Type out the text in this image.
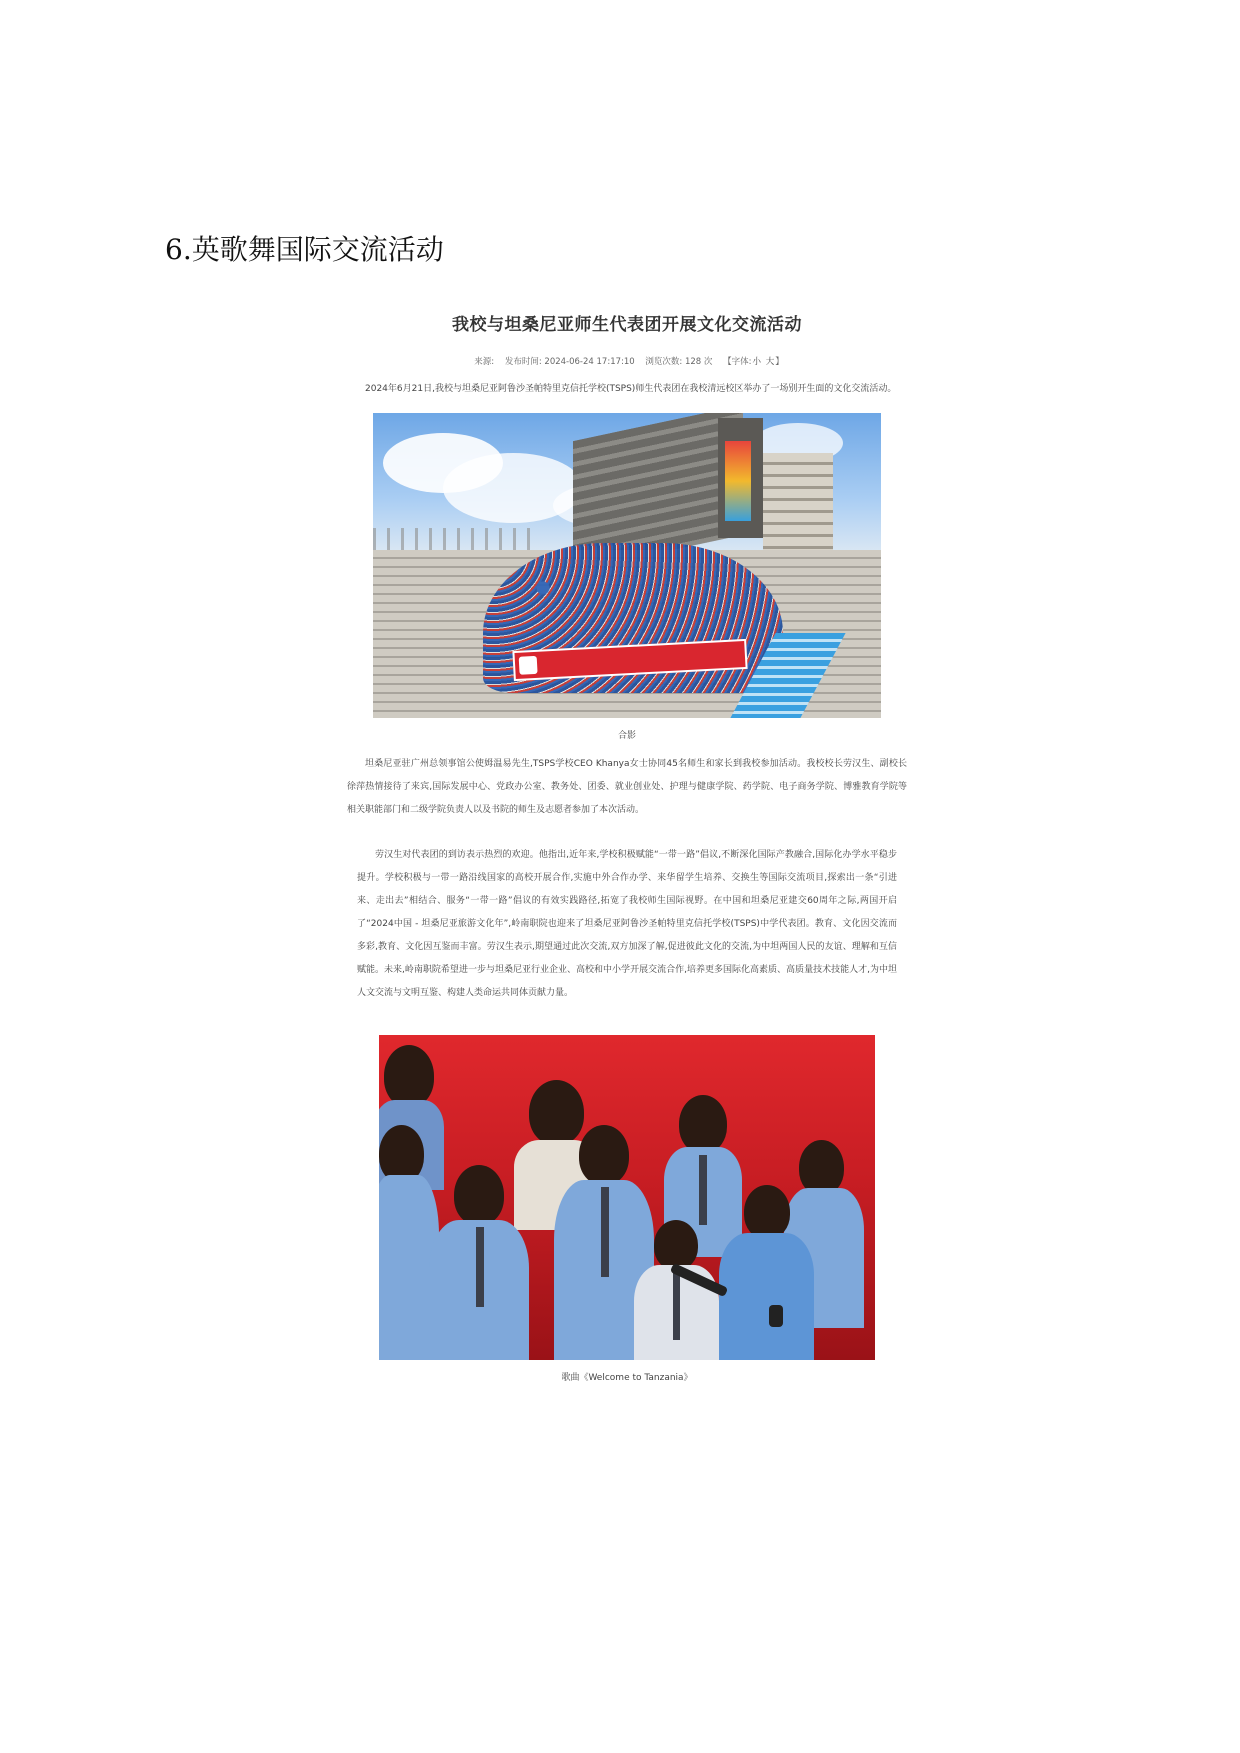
6.英歌舞国际交流活动
我校与坦桑尼亚师生代表团开展文化交流活动
来源: 发布时间: 2024-06-24 17:17:10 浏览次数: 128 次 【字体:小 大】

2024年6月21日,我校与坦桑尼亚阿鲁沙圣帕特里克信托学校(TSPS)师生代表团在我校清远校区举办了一场别开生面的文化交流活动。

合影

坦桑尼亚驻广州总领事馆公使姆温易先生,TSPS学校CEO Khanya女士协同45名师生和家长到我校参加活动。我校校长劳汉生、副校长徐萍热情接待了来宾,国际发展中心、党政办公室、教务处、团委、就业创业处、护理与健康学院、药学院、电子商务学院、博雅教育学院等相关职能部门和二级学院负责人以及书院的师生及志愿者参加了本次活动。

劳汉生对代表团的到访表示热烈的欢迎。他指出,近年来,学校积极赋能“一带一路”倡议,不断深化国际产教融合,国际化办学水平稳步提升。学校积极与一带一路沿线国家的高校开展合作,实施中外合作办学、来华留学生培养、交换生等国际交流项目,探索出一条“引进来、走出去”相结合、服务“一带一路”倡议的有效实践路径,拓宽了我校师生国际视野。在中国和坦桑尼亚建交60周年之际,两国开启了“2024中国 - 坦桑尼亚旅游文化年”,岭南职院也迎来了坦桑尼亚阿鲁沙圣帕特里克信托学校(TSPS)中学代表团。教育、文化因交流而多彩,教育、文化因互鉴而丰富。劳汉生表示,期望通过此次交流,双方加深了解,促进彼此文化的交流,为中坦两国人民的友谊、理解和互信赋能。未来,岭南职院希望进一步与坦桑尼亚行业企业、高校和中小学开展交流合作,培养更多国际化高素质、高质量技术技能人才,为中坦人文交流与文明互鉴、构建人类命运共同体贡献力量。

歌曲《Welcome to Tanzania》
